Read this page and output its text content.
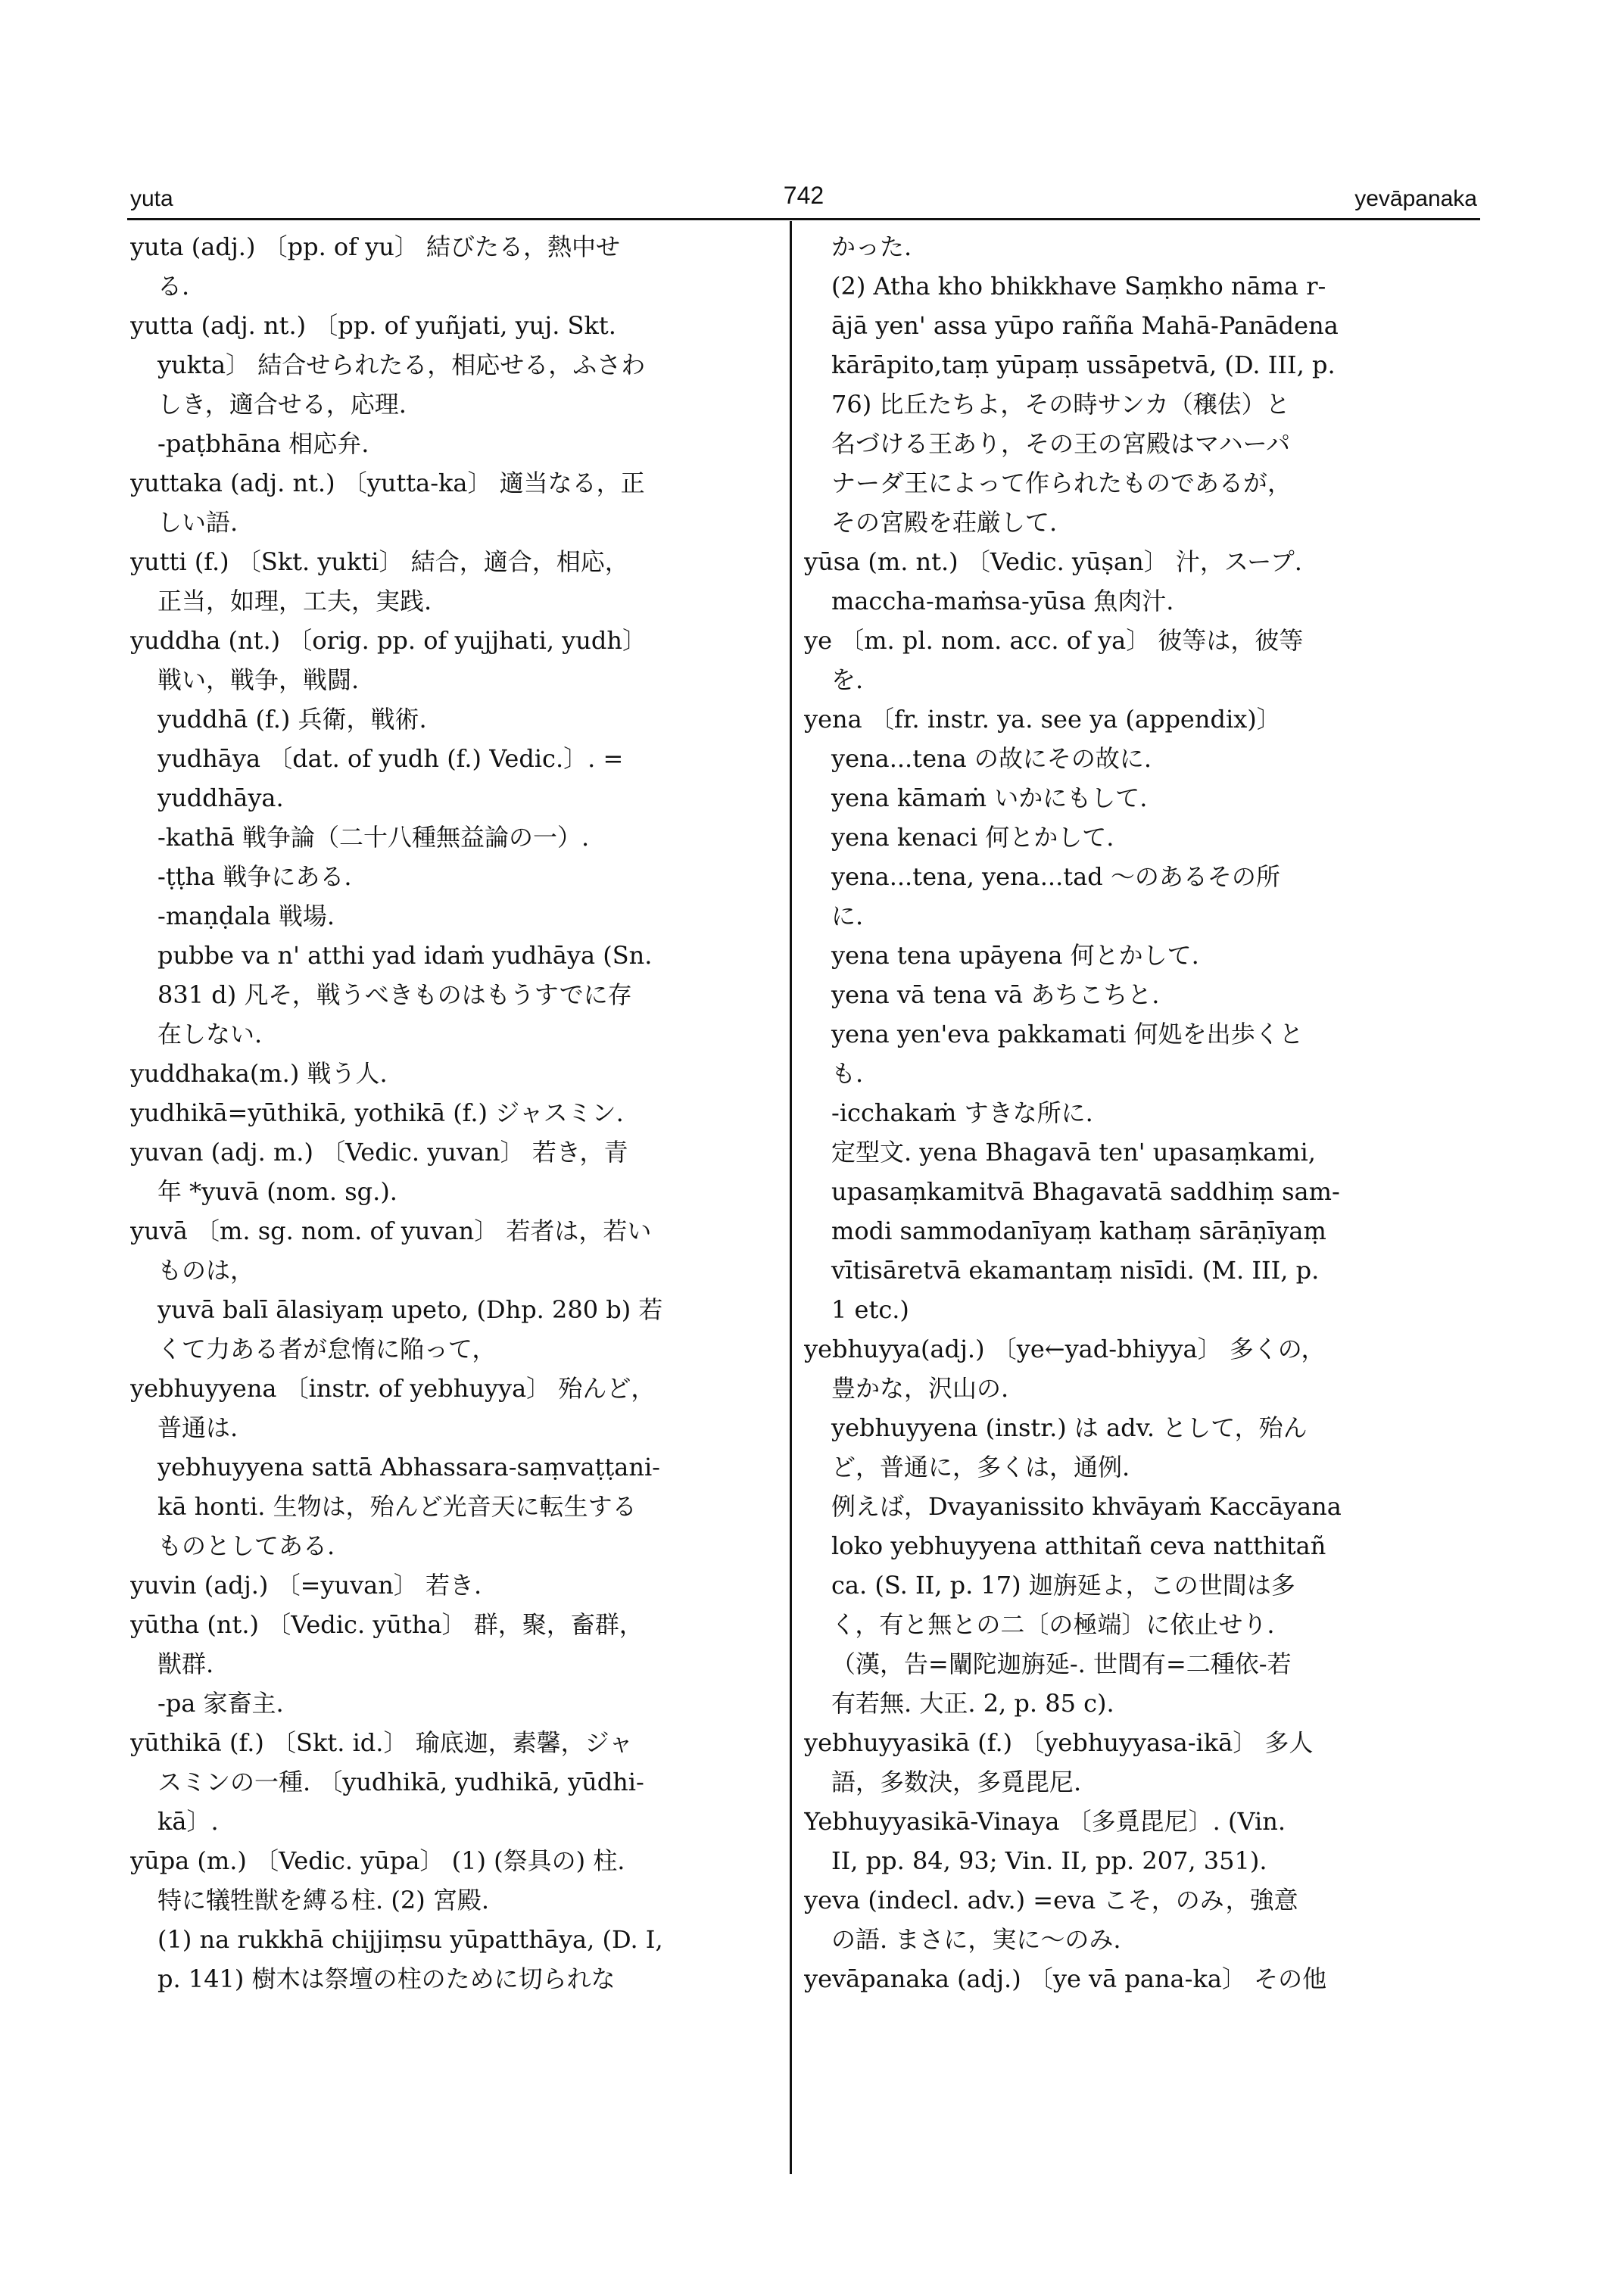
yuta	742	yevāpanaka
yuta (adj.) 〔pp. of yu〕 結びたる，熱中せ
る.
yutta (adj. nt.) 〔pp. of yuñjati, yuj. Skt.
yukta〕 結合せられたる，相応せる，ふさわ
しき，適合せる，応理.
-paṭbhāna 相応弁.
yuttaka (adj. nt.) 〔yutta-ka〕 適当なる，正
しい語.
yutti (f.) 〔Skt. yukti〕 結合，適合，相応，
正当，如理，工夫，実践.
yuddha (nt.) 〔orig. pp. of yujjhati, yudh〕
戦い，戦争，戦闘.
yuddhā (f.) 兵衛，戦術.
yudhāya 〔dat. of yudh (f.) Vedic.〕. =
yuddhāya.
-kathā 戦争論（二十八種無益論の一）.
-ṭṭha 戦争にある.
-maṇḍala 戦場.
pubbe va n' atthi yad idaṁ yudhāya (Sn.
831 d) 凡そ，戦うべきものはもうすでに存
在しない.
yuddhaka(m.) 戦う人.
yudhikā=yūthikā, yothikā (f.) ジャスミン.
yuvan (adj. m.) 〔Vedic. yuvan〕 若き，青
年 *yuvā (nom. sg.).
yuvā 〔m. sg. nom. of yuvan〕 若者は，若い
ものは，
yuvā balī ālasiyaṃ upeto, (Dhp. 280 b) 若
くて力ある者が怠惰に陥って，
yebhuyyena 〔instr. of yebhuyya〕 殆んど，
普通は.
yebhuyyena sattā Abhassara-saṃvaṭṭani-
kā honti. 生物は，殆んど光音天に転生する
ものとしてある.
yuvin (adj.) 〔=yuvan〕 若き.
yūtha (nt.) 〔Vedic. yūtha〕 群，聚，畜群，
獣群.
-pa 家畜主.
yūthikā (f.) 〔Skt. id.〕 瑜底迦，素馨，ジャ
スミンの一種. 〔yudhikā, yudhikā, yūdhi-
kā〕.
yūpa (m.) 〔Vedic. yūpa〕 (1) (祭具の) 柱.
特に犠牲獣を縛る柱. (2) 宮殿.
(1) na rukkhā chijjiṃsu yūpatthāya, (D. I,
p. 141) 樹木は祭壇の柱のために切られな
かった.
(2) Atha kho bhikkhave Saṃkho nāma r-
ājā yen' assa yūpo rañña Mahā-Panādena
kārāpito,taṃ yūpaṃ ussāpetvā, (D. III, p.
76) 比丘たちよ，その時サンカ（穣佉）と
名づける王あり，その王の宮殿はマハーパ
ナーダ王によって作られたものであるが，
その宮殿を荘厳して.
yūsa (m. nt.) 〔Vedic. yūṣan〕 汁，スープ.
maccha-maṁsa-yūsa 魚肉汁.
ye 〔m. pl. nom. acc. of ya〕 彼等は，彼等
を.
yena 〔fr. instr. ya. see ya (appendix)〕
yena...tena の故にその故に.
yena kāmaṁ いかにもして.
yena kenaci 何とかして.
yena...tena, yena...tad ～のあるその所
に.
yena tena upāyena 何とかして.
yena vā tena vā あちこちと.
yena yen'eva pakkamati 何処を出歩くと
も.
-icchakaṁ すきな所に.
定型文. yena Bhagavā ten' upasaṃkami,
upasaṃkamitvā Bhagavatā saddhiṃ sam-
modi sammodanīyaṃ kathaṃ sārāṇīyaṃ
vītisāretvā ekamantaṃ nisīdi. (M. III, p.
1 etc.)
yebhuyya(adj.) 〔ye←yad-bhiyya〕 多くの，
豊かな，沢山の.
yebhuyyena (instr.) は adv. として，殆ん
ど，普通に，多くは，通例.
例えば，Dvayanissito khvāyaṁ Kaccāyana
loko yebhuyyena atthitañ ceva natthitañ
ca. (S. II, p. 17) 迦旃延よ，この世間は多
く，有と無との二〔の極端〕に依止せり.
（漢，告=闡陀迦旃延-. 世間有=二種依-若
有若無. 大正. 2, p. 85 c).
yebhuyyasikā (f.) 〔yebhuyyasa-ikā〕 多人
語，多数決，多覓毘尼.
Yebhuyyasikā-Vinaya 〔多覓毘尼〕. (Vin.
II, pp. 84, 93; Vin. II, pp. 207, 351).
yeva (indecl. adv.) =eva こそ，のみ，強意
の語. まさに，実に～のみ.
yevāpanaka (adj.) 〔ye vā pana-ka〕 その他
